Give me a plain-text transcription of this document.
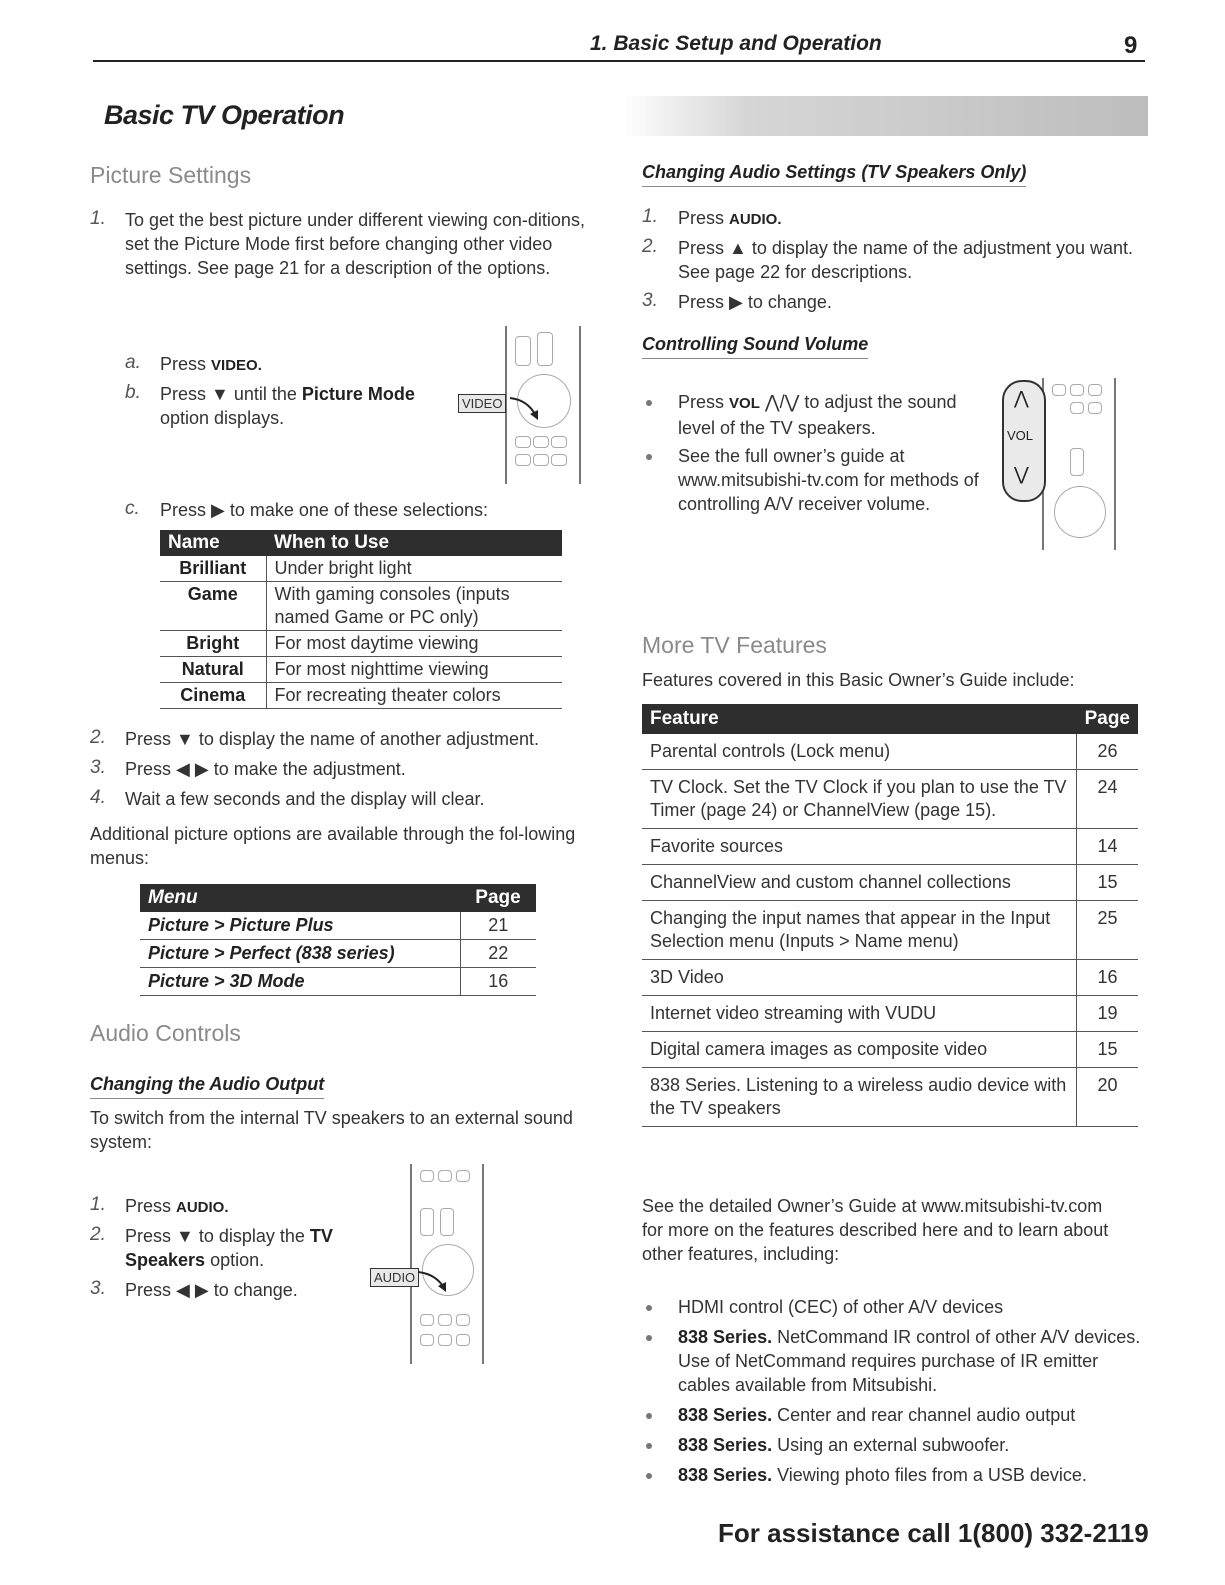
1. Basic Setup and Operation	9
Basic TV Operation
Picture Settings
1. To get the best picture under different viewing con-ditions, set the Picture Mode first before changing other video settings. See page 21 for a description of the options.
a. Press VIDEO.
b. Press ▼ until the Picture Mode option displays.
VIDEO
c. Press ▶ to make one of these selections:
Name	When to Use
Brilliant	Under bright light
Game	With gaming consoles (inputs named Game or PC only)
Bright	For most daytime viewing
Natural	For most nighttime viewing
Cinema	For recreating theater colors
2. Press ▼ to display the name of another adjustment.
3. Press ◀ ▶ to make the adjustment.
4. Wait a few seconds and the display will clear.
Additional picture options are available through the fol-lowing menus:
Menu	Page
Picture > Picture Plus	21
Picture > Perfect (838 series)	22
Picture > 3D Mode	16
Audio Controls
Changing the Audio Output
To switch from the internal TV speakers to an external sound system:
1. Press AUDIO.
2. Press ▼ to display the TV Speakers option.
3. Press ◀ ▶ to change.
AUDIO
Changing Audio Settings (TV Speakers Only)
1. Press AUDIO.
2. Press ▲ to display the name of the adjustment you want. See page 22 for descriptions.
3. Press ▶ to change.
Controlling Sound Volume
Press VOL ⋀/⋁ to adjust the sound level of the TV speakers.
See the full owner’s guide at www.mitsubishi-tv.com for methods of controlling A/V receiver volume.
⋀
VOL
⋁
More TV Features
Features covered in this Basic Owner’s Guide include:
Feature	Page
Parental controls (Lock menu)	26
TV Clock. Set the TV Clock if you plan to use the TV Timer (page 24) or ChannelView (page 15).	24
Favorite sources	14
ChannelView and custom channel collections	15
Changing the input names that appear in the Input Selection menu (Inputs > Name menu)	25
3D Video	16
Internet video streaming with VUDU	19
Digital camera images as composite video	15
838 Series. Listening to a wireless audio device with the TV speakers	20
See the detailed Owner’s Guide at www.mitsubishi-tv.com for more on the features described here and to learn about other features, including:
HDMI control (CEC) of other A/V devices
838 Series. NetCommand IR control of other A/V devices. Use of NetCommand requires purchase of IR emitter cables available from Mitsubishi.
838 Series. Center and rear channel audio output
838 Series. Using an external subwoofer.
838 Series. Viewing photo files from a USB device.
For assistance call 1(800) 332-2119
